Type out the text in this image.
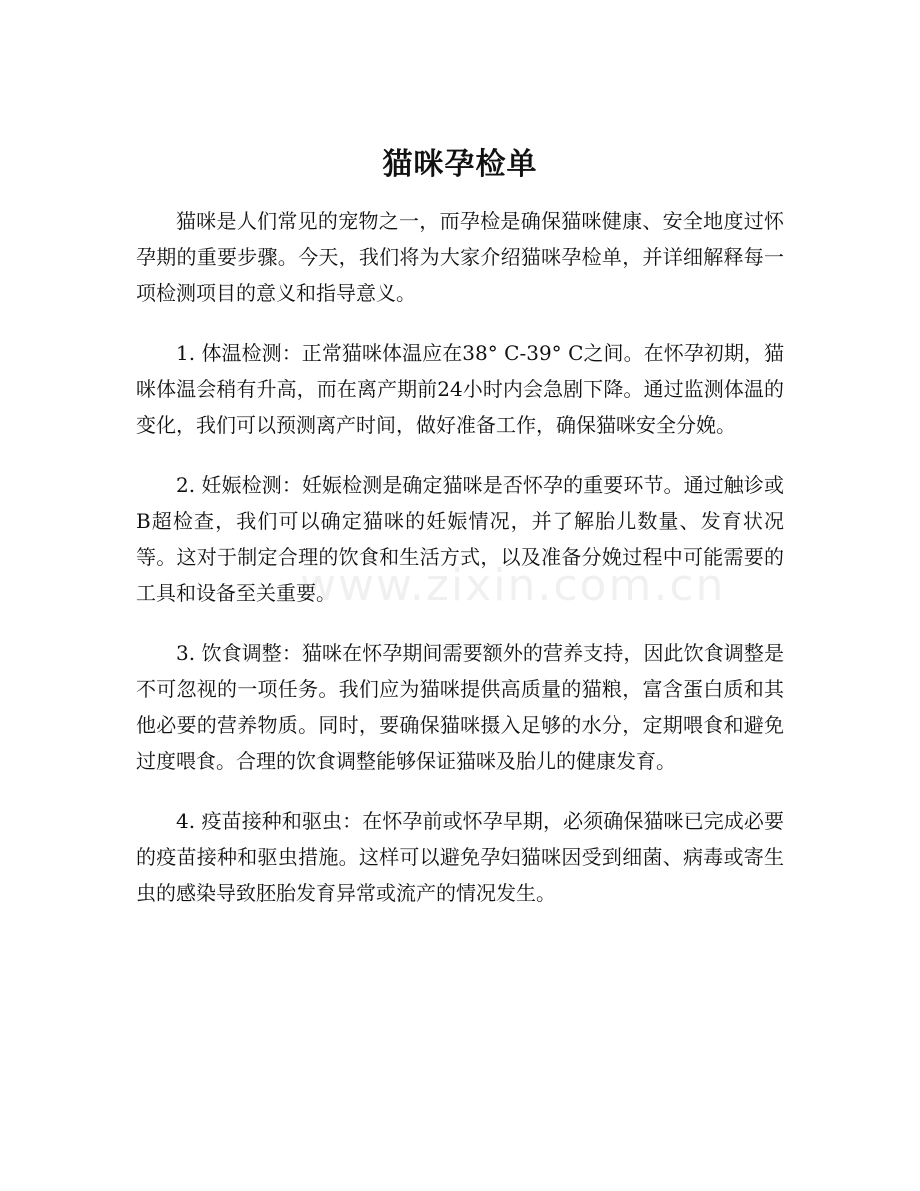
www.zixin.com.cn
猫咪孕检单

猫咪是人们常见的宠物之一，而孕检是确保猫咪健康、安全地度过怀孕期的重要步骤。今天，我们将为大家介绍猫咪孕检单，并详细解释每一项检测项目的意义和指导意义。

1. 体温检测：正常猫咪体温应在38° C-39° C之间。在怀孕初期，猫咪体温会稍有升高，而在离产期前24小时内会急剧下降。通过监测体温的变化，我们可以预测离产时间，做好准备工作，确保猫咪安全分娩。

2. 妊娠检测：妊娠检测是确定猫咪是否怀孕的重要环节。通过触诊或B超检查，我们可以确定猫咪的妊娠情况，并了解胎儿数量、发育状况等。这对于制定合理的饮食和生活方式，以及准备分娩过程中可能需要的工具和设备至关重要。

3. 饮食调整：猫咪在怀孕期间需要额外的营养支持，因此饮食调整是不可忽视的一项任务。我们应为猫咪提供高质量的猫粮，富含蛋白质和其他必要的营养物质。同时，要确保猫咪摄入足够的水分，定期喂食和避免过度喂食。合理的饮食调整能够保证猫咪及胎儿的健康发育。

4. 疫苗接种和驱虫：在怀孕前或怀孕早期，必须确保猫咪已完成必要的疫苗接种和驱虫措施。这样可以避免孕妇猫咪因受到细菌、病毒或寄生虫的感染导致胚胎发育异常或流产的情况发生。
